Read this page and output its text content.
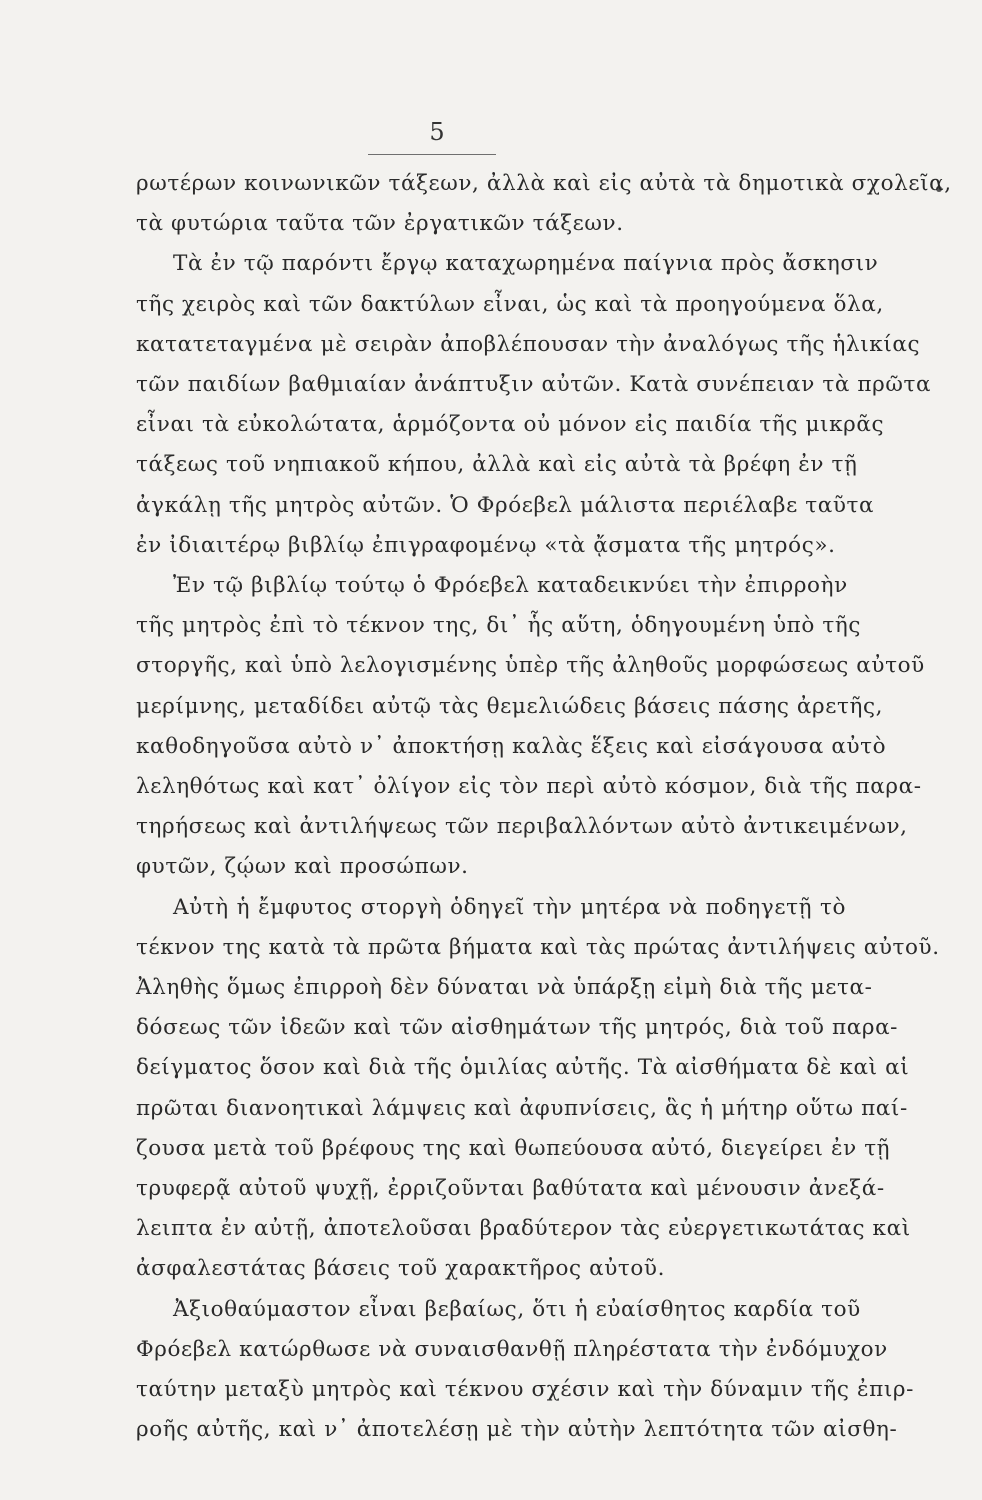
5
ρωτέρων κοινωνικῶν τάξεων, ἀλλὰ καὶ εἰς αὐτὰ τὰ δημοτικὰ σχολεῖα,
τὰ φυτώρια ταῦτα τῶν ἐργατικῶν τάξεων.
Τὰ ἐν τῷ παρόντι ἔργῳ καταχωρημένα παίγνια πρὸς ἄσκησιν
τῆς χειρὸς καὶ τῶν δακτύλων εἶναι, ὡς καὶ τὰ προηγούμενα ὅλα,
κατατεταγμένα μὲ σειρὰν ἀποβλέπουσαν τὴν ἀναλόγως τῆς ἡλικίας
τῶν παιδίων βαθμιαίαν ἀνάπτυξιν αὐτῶν. Κατὰ συνέπειαν τὰ πρῶτα
εἶναι τὰ εὐκολώτατα, ἁρμόζοντα οὐ μόνον εἰς παιδία τῆς μικρᾶς
τάξεως τοῦ νηπιακοῦ κήπου, ἀλλὰ καὶ εἰς αὐτὰ τὰ βρέφη ἐν τῇ
ἀγκάλῃ τῆς μητρὸς αὐτῶν. Ὁ Φρόεβελ μάλιστα περιέλαβε ταῦτα
ἐν ἰδιαιτέρῳ βιβλίῳ ἐπιγραφομένῳ «τὰ ᾄσματα τῆς μητρός».
Ἐν τῷ βιβλίῳ τούτῳ ὁ Φρόεβελ καταδεικνύει τὴν ἐπιρροὴν
τῆς μητρὸς ἐπὶ τὸ τέκνον της, δι᾽ ἧς αὕτη, ὁδηγουμένη ὑπὸ τῆς
στοργῆς, καὶ ὑπὸ λελογισμένης ὑπὲρ τῆς ἀληθοῦς μορφώσεως αὐτοῦ
μερίμνης, μεταδίδει αὐτῷ τὰς θεμελιώδεις βάσεις πάσης ἀρετῆς,
καθοδηγοῦσα αὐτὸ ν᾽ ἀποκτήσῃ καλὰς ἕξεις καὶ εἰσάγουσα αὐτὸ
λεληθότως καὶ κατ᾽ ὀλίγον εἰς τὸν περὶ αὐτὸ κόσμον, διὰ τῆς παρα-
τηρήσεως καὶ ἀντιλήψεως τῶν περιβαλλόντων αὐτὸ ἀντικειμένων,
φυτῶν, ζῴων καὶ προσώπων.
Αὐτὴ ἡ ἔμφυτος στοργὴ ὁδηγεῖ τὴν μητέρα νὰ ποδηγετῇ τὸ
τέκνον της κατὰ τὰ πρῶτα βήματα καὶ τὰς πρώτας ἀντιλήψεις αὐτοῦ.
Ἀληθὴς ὅμως ἐπιρροὴ δὲν δύναται νὰ ὑπάρξῃ εἰμὴ διὰ τῆς μετα-
δόσεως τῶν ἰδεῶν καὶ τῶν αἰσθημάτων τῆς μητρός, διὰ τοῦ παρα-
δείγματος ὅσον καὶ διὰ τῆς ὁμιλίας αὐτῆς. Τὰ αἰσθήματα δὲ καὶ αἱ
πρῶται διανοητικαὶ λάμψεις καὶ ἀφυπνίσεις, ἃς ἡ μήτηρ οὕτω παί-
ζουσα μετὰ τοῦ βρέφους της καὶ θωπεύουσα αὐτό, διεγείρει ἐν τῇ
τρυφερᾷ αὐτοῦ ψυχῇ, ἐρριζοῦνται βαθύτατα καὶ μένουσιν ἀνεξά-
λειπτα ἐν αὐτῇ, ἀποτελοῦσαι βραδύτερον τὰς εὐεργετικωτάτας καὶ
ἀσφαλεστάτας βάσεις τοῦ χαρακτῆρος αὐτοῦ.
Ἀξιοθαύμαστον εἶναι βεβαίως, ὅτι ἡ εὐαίσθητος καρδία τοῦ
Φρόεβελ κατώρθωσε νὰ συναισθανθῇ πληρέστατα τὴν ἐνδόμυχον
ταύτην μεταξὺ μητρὸς καὶ τέκνου σχέσιν καὶ τὴν δύναμιν τῆς ἐπιρ-
ροῆς αὐτῆς, καὶ ν᾽ ἀποτελέσῃ μὲ τὴν αὐτὴν λεπτότητα τῶν αἰσθη-
